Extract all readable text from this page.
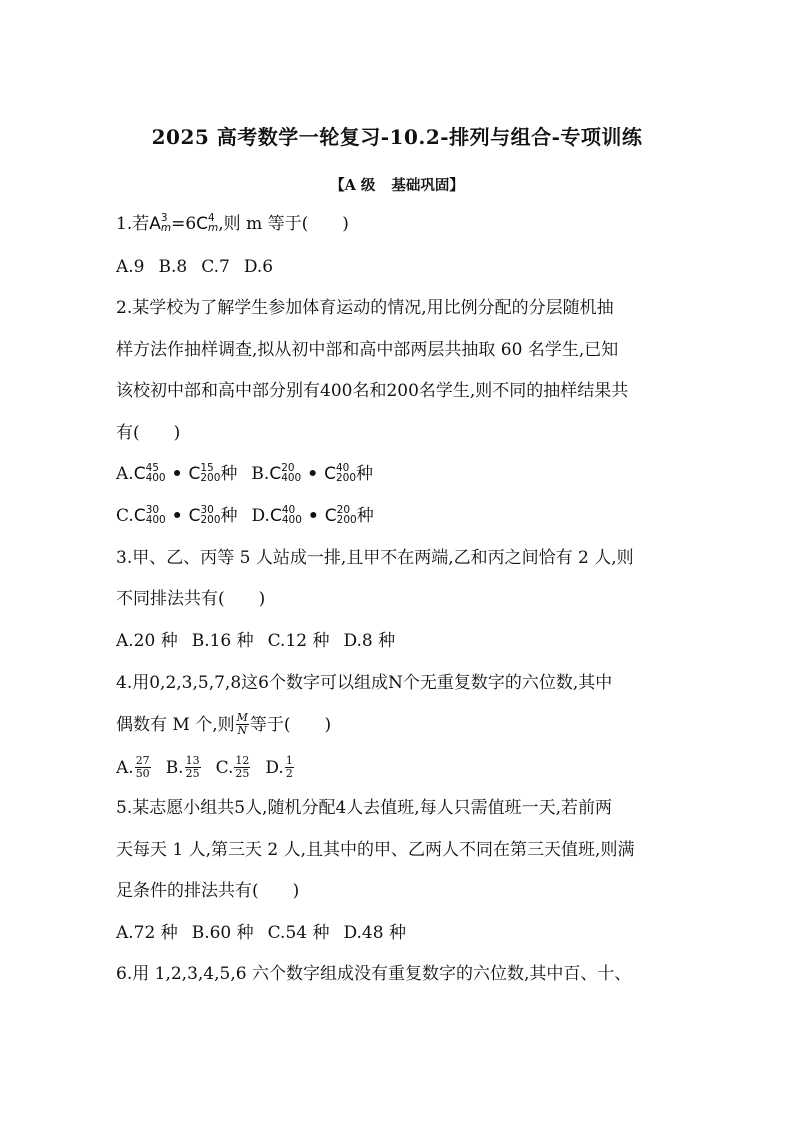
2025 高考数学一轮复习-10.2-排列与组合-专项训练
【A 级 基础巩固】
1.若A 3
m =6C 4
m ,则 m 等于(　　)
A.9 B.8 C.7 D.6
2.某学校为了解学生参加体育运动的情况,用比例分配的分层随机抽
样方法作抽样调查,拟从初中部和高中部两层共抽取 60 名学生,已知
该校初中部和高中部分别有400名和200名学生,则不同的抽样结果共
有(　　)
A.C 45
400 • C 15
200 种 B.C 20
400 • C 40
200 种
C.C 30
400 • C 30
200 种 D.C 40
400 • C 20
200 种
3.甲、乙、丙等 5 人站成一排,且甲不在两端,乙和丙之间恰有 2 人,则
不同排法共有(　　)
A.20 种 B.16 种 C.12 种 D.8 种
4.用0,2,3,5,7,8这6个数字可以组成N个无重复数字的六位数,其中
偶数有 M 个,则 $\frac{M}{N}$ 等于(　　)
A. $\frac{27}{50} B$. $\frac{13}{25} C$. $\frac{12}{25} D$. $\frac{1}{2}$
5.某志愿小组共5人,随机分配4人去值班,每人只需值班一天,若前两
天每天 1 人,第三天 2 人,且其中的甲、乙两人不同在第三天值班,则满
足条件的排法共有(　　)
A.72 种 B.60 种 C.54 种 D.48 种
6.用 1,2,3,4,5,6 六个数字组成没有重复数字的六位数,其中百、十、
